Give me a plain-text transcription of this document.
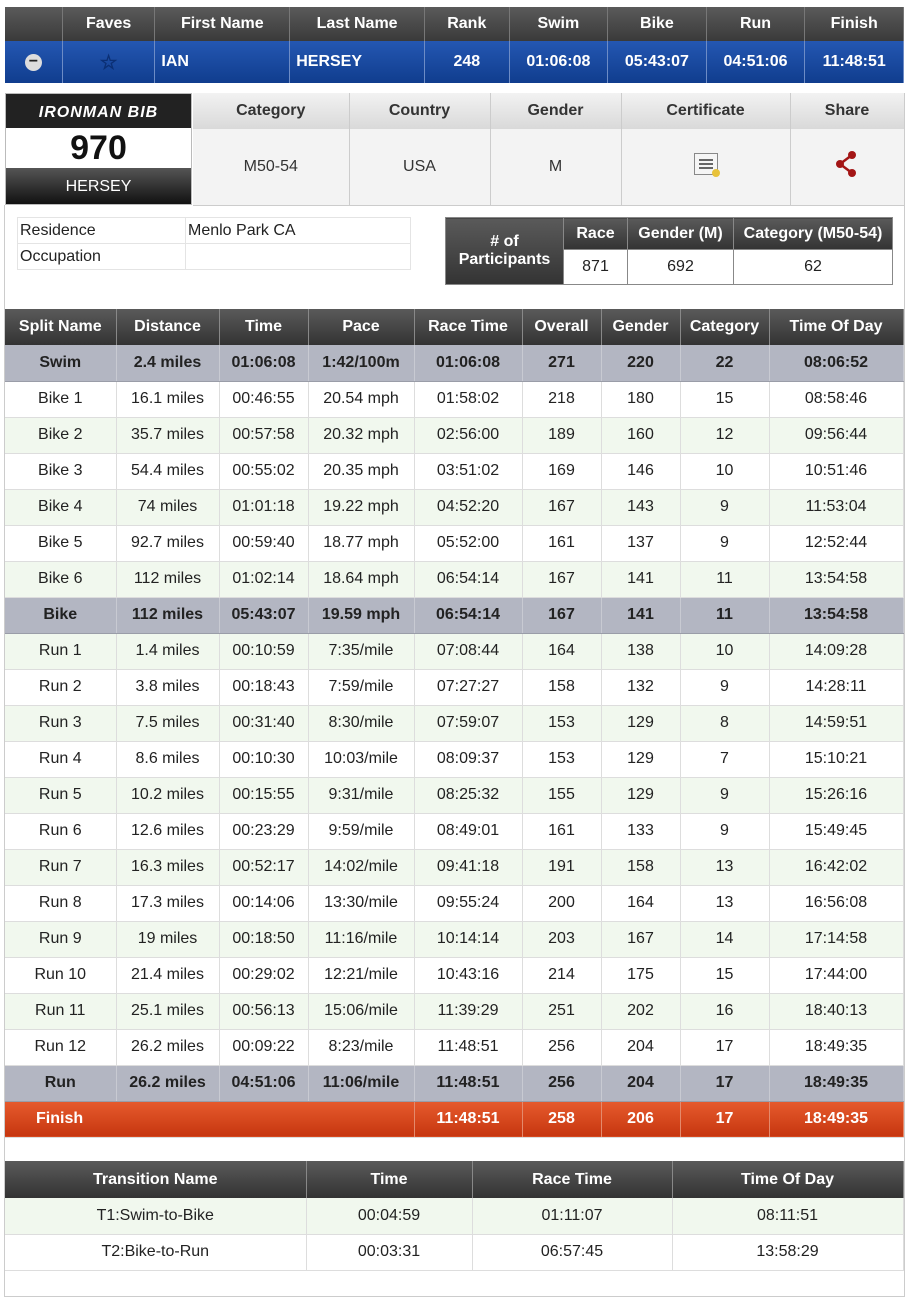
	Faves	First Name	Last Name	Rank	Swim	Bike	Run	Finish
−	☆	IAN	HERSEY	248	01:06:08	05:43:07	04:51:06	11:48:51
IRONMAN BIB
970
HERSEY
Category	Country	Gender	Certificate	Share
M50-54	USA	M		
Residence	Menlo Park CA
Occupation	
# of Participants	Race	Gender (M)	Category (M50-54)
	871	692	62
Split Name	Distance	Time	Pace	Race Time	Overall	Gender	Category	Time Of Day
Swim	2.4 miles	01:06:08	1:42/100m	01:06:08	271	220	22	08:06:52
Bike 1	16.1 miles	00:46:55	20.54 mph	01:58:02	218	180	15	08:58:46
Bike 2	35.7 miles	00:57:58	20.32 mph	02:56:00	189	160	12	09:56:44
Bike 3	54.4 miles	00:55:02	20.35 mph	03:51:02	169	146	10	10:51:46
Bike 4	74 miles	01:01:18	19.22 mph	04:52:20	167	143	9	11:53:04
Bike 5	92.7 miles	00:59:40	18.77 mph	05:52:00	161	137	9	12:52:44
Bike 6	112 miles	01:02:14	18.64 mph	06:54:14	167	141	11	13:54:58
Bike	112 miles	05:43:07	19.59 mph	06:54:14	167	141	11	13:54:58
Run 1	1.4 miles	00:10:59	7:35/mile	07:08:44	164	138	10	14:09:28
Run 2	3.8 miles	00:18:43	7:59/mile	07:27:27	158	132	9	14:28:11
Run 3	7.5 miles	00:31:40	8:30/mile	07:59:07	153	129	8	14:59:51
Run 4	8.6 miles	00:10:30	10:03/mile	08:09:37	153	129	7	15:10:21
Run 5	10.2 miles	00:15:55	9:31/mile	08:25:32	155	129	9	15:26:16
Run 6	12.6 miles	00:23:29	9:59/mile	08:49:01	161	133	9	15:49:45
Run 7	16.3 miles	00:52:17	14:02/mile	09:41:18	191	158	13	16:42:02
Run 8	17.3 miles	00:14:06	13:30/mile	09:55:24	200	164	13	16:56:08
Run 9	19 miles	00:18:50	11:16/mile	10:14:14	203	167	14	17:14:58
Run 10	21.4 miles	00:29:02	12:21/mile	10:43:16	214	175	15	17:44:00
Run 11	25.1 miles	00:56:13	15:06/mile	11:39:29	251	202	16	18:40:13
Run 12	26.2 miles	00:09:22	8:23/mile	11:48:51	256	204	17	18:49:35
Run	26.2 miles	04:51:06	11:06/mile	11:48:51	256	204	17	18:49:35
Finish				11:48:51	258	206	17	18:49:35
Transition Name	Time	Race Time	Time Of Day
T1:Swim-to-Bike	00:04:59	01:11:07	08:11:51
T2:Bike-to-Run	00:03:31	06:57:45	13:58:29
